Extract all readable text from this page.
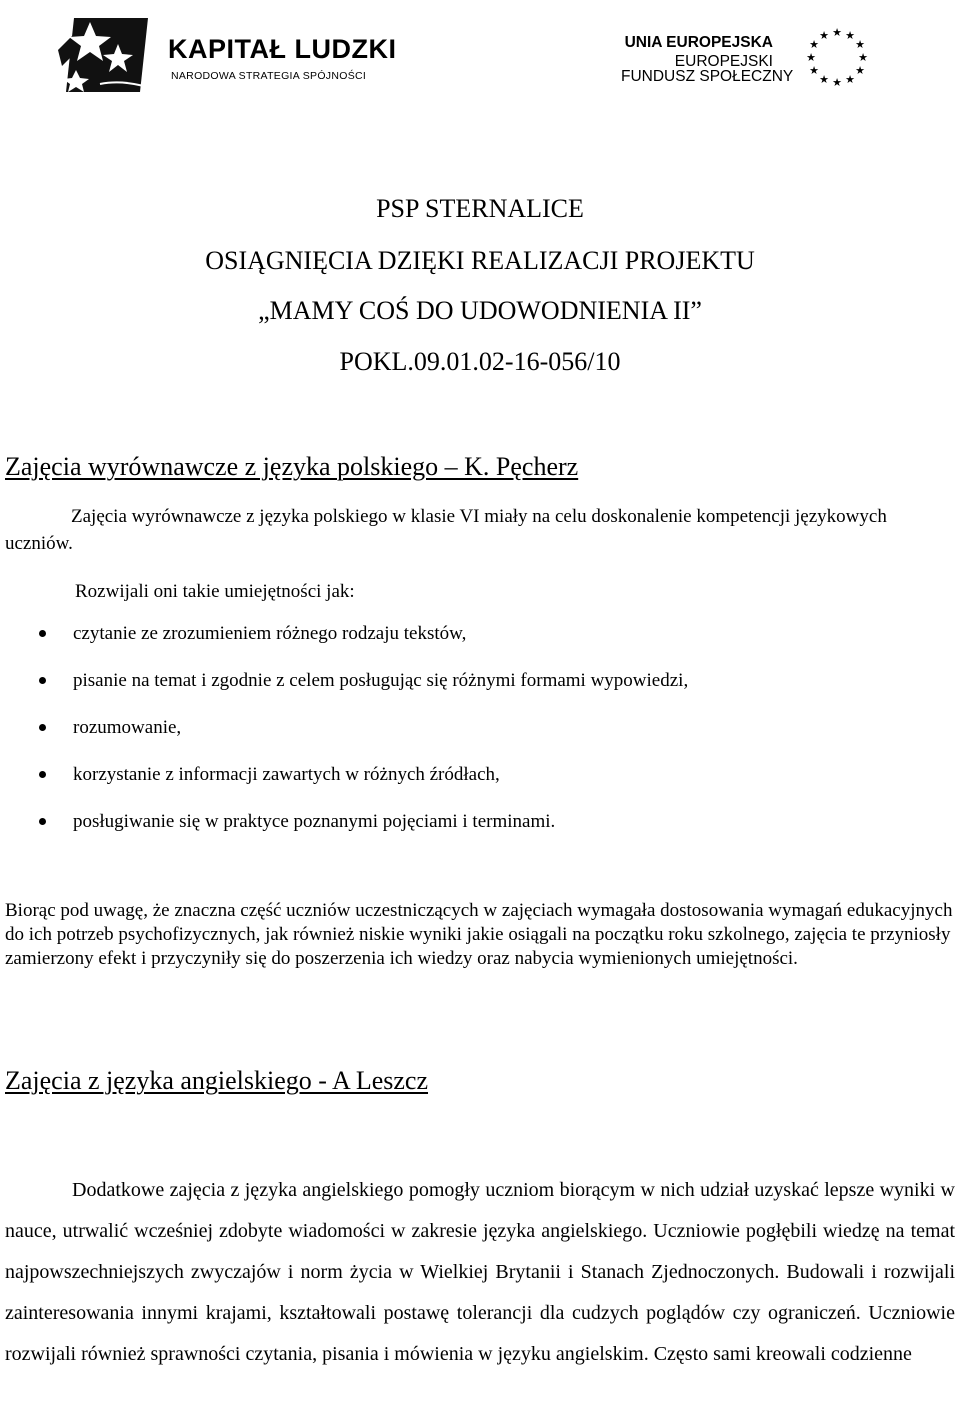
KAPITAŁ LUDZKI
NARODOWA STRATEGIA SPÓJNOŚCI
UNIA EUROPEJSKA
EUROPEJSKI
FUNDUSZ SPOŁECZNY
★ ★
★
★
★
★
★
★
★
★
★
★
PSP STERNALICE
OSIĄGNIĘCIA DZIĘKI REALIZACJI PROJEKTU
„MAMY COŚ DO UDOWODNIENIA II”
POKL.09.01.02-16-056/10
Zajęcia wyrównawcze z języka polskiego – K. Pęcherz
Zajęcia wyrównawcze z języka polskiego w klasie VI miały na celu doskonalenie kompetencji językowych uczniów.
Rozwijali oni takie umiejętności jak:
czytanie ze zrozumieniem różnego rodzaju tekstów,
pisanie na temat i zgodnie z celem posługując się różnymi formami wypowiedzi,
rozumowanie,
korzystanie z informacji zawartych w różnych źródłach,
posługiwanie się w praktyce poznanymi pojęciami i terminami.
Biorąc pod uwagę, że znaczna część uczniów uczestniczących w zajęciach wymagała dostosowania wymagań edukacyjnych do ich potrzeb psychofizycznych, jak również niskie wyniki jakie osiągali na początku roku szkolnego, zajęcia te przyniosły zamierzony efekt i przyczyniły się do poszerzenia ich wiedzy oraz nabycia wymienionych umiejętności.
Zajęcia z języka angielskiego - A Leszcz
Dodatkowe zajęcia z języka angielskiego pomogły uczniom biorącym w nich udział uzyskać lepsze wyniki w nauce, utrwalić wcześniej zdobyte wiadomości w zakresie języka angielskiego. Uczniowie pogłębili wiedzę na temat najpowszechniejszych zwyczajów i norm życia w Wielkiej Brytanii i Stanach Zjednoczonych. Budowali i rozwijali zainteresowania innymi krajami, kształtowali postawę tolerancji dla cudzych poglądów czy ograniczeń. Uczniowie rozwijali również sprawności czytania, pisania i mówienia w języku angielskim. Często sami kreowali codzienne
